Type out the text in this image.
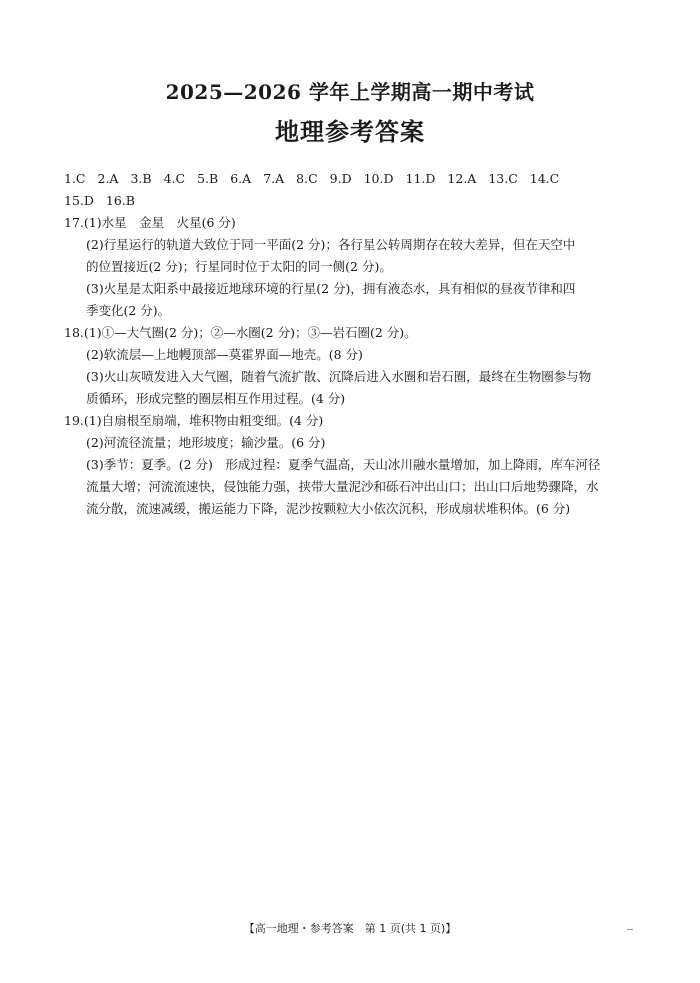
2025—2026 学年上学期高一期中考试
地理参考答案
1.C 2.A 3.B 4.C 5.B 6.A 7.A 8.C 9.D 10.D 11.D 12.A 13.C 14.C
15.D 16.B
17.(1)水星　金星　火星(6 分)
(2)行星运行的轨道大致位于同一平面(2 分)；各行星公转周期存在较大差异，但在天空中
的位置接近(2 分)；行星同时位于太阳的同一侧(2 分)。
(3)火星是太阳系中最接近地球环境的行星(2 分)，拥有液态水，具有相似的昼夜节律和四
季变化(2 分)。
18.(1)①—大气圈(2 分)；②—水圈(2 分)；③—岩石圈(2 分)。
(2)软流层—上地幔顶部—莫霍界面—地壳。(8 分)
(3)火山灰喷发进入大气圈，随着气流扩散、沉降后进入水圈和岩石圈，最终在生物圈参与物
质循环，形成完整的圈层相互作用过程。(4 分)
19.(1)自扇根至扇端，堆积物由粗变细。(4 分)
(2)河流径流量；地形坡度；输沙量。(6 分)
(3)季节：夏季。(2 分)　形成过程：夏季气温高，天山冰川融水量增加，加上降雨，库车河径
流量大增；河流流速快，侵蚀能力强，挟带大量泥沙和砾石冲出山口；出山口后地势骤降，水
流分散，流速减缓，搬运能力下降，泥沙按颗粒大小依次沉积，形成扇状堆积体。(6 分)
【高一地理・参考答案　第 1 页(共 1 页)】
